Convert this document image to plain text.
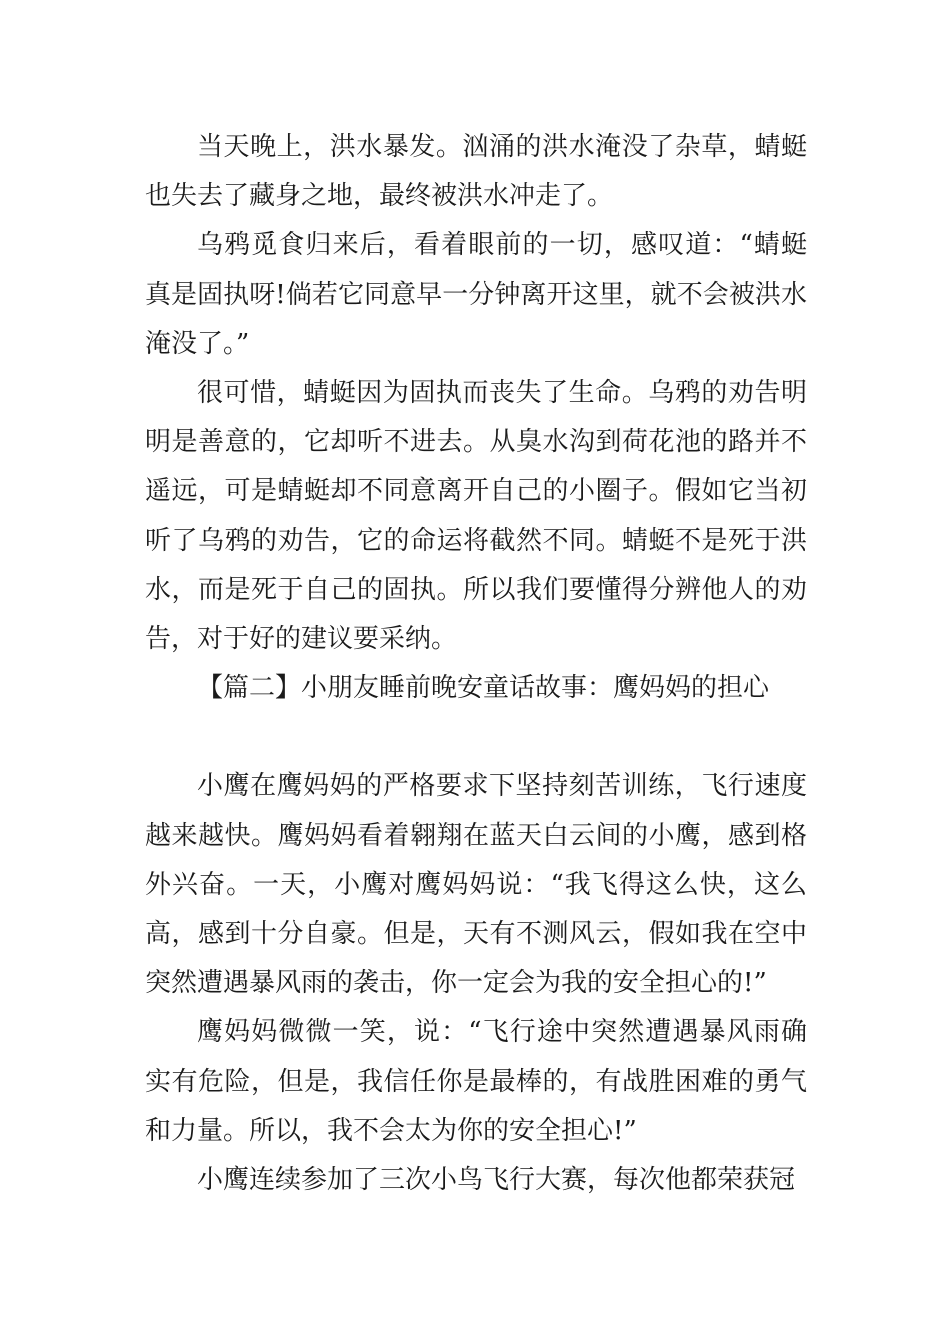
当天晚上，洪水暴发。汹涌的洪水淹没了杂草，蜻蜓也失去了藏身之地，最终被洪水冲走了。

乌鸦觅食归来后，看着眼前的一切，感叹道：“蜻蜓真是固执呀!倘若它同意早一分钟离开这里，就不会被洪水淹没了。”

很可惜，蜻蜓因为固执而丧失了生命。乌鸦的劝告明明是善意的，它却听不进去。从臭水沟到荷花池的路并不遥远，可是蜻蜓却不同意离开自己的小圈子。假如它当初听了乌鸦的劝告，它的命运将截然不同。蜻蜓不是死于洪水，而是死于自己的固执。所以我们要懂得分辨他人的劝告，对于好的建议要采纳。

【篇二】小朋友睡前晚安童话故事：鹰妈妈的担心

小鹰在鹰妈妈的严格要求下坚持刻苦训练，飞行速度越来越快。鹰妈妈看着翱翔在蓝天白云间的小鹰，感到格外兴奋。一天，小鹰对鹰妈妈说：“我飞得这么快，这么高，感到十分自豪。但是，天有不测风云，假如我在空中突然遭遇暴风雨的袭击，你一定会为我的安全担心的!”

鹰妈妈微微一笑，说：“飞行途中突然遭遇暴风雨确实有危险，但是，我信任你是最棒的，有战胜困难的勇气和力量。所以，我不会太为你的安全担心!”

小鹰连续参加了三次小鸟飞行大赛，每次他都荣获冠
